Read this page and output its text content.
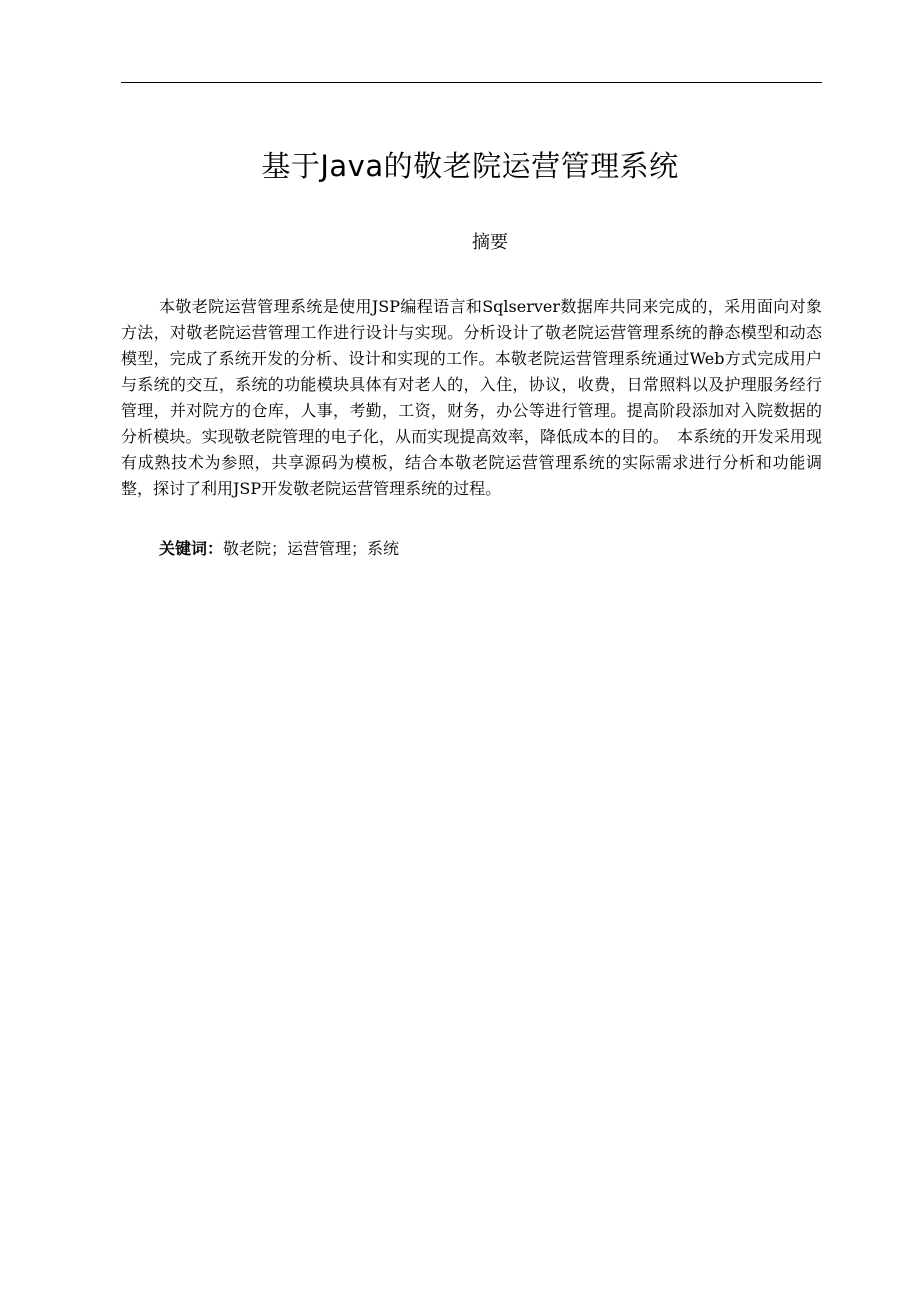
基于Java的敬老院运营管理系统
摘要

本敬老院运营管理系统是使用JSP编程语言和Sqlserver数据库共同来完成的，采用面向对象方法，对敬老院运营管理工作进行设计与实现。分析设计了敬老院运营管理系统的静态模型和动态模型，完成了系统开发的分析、设计和实现的工作。本敬老院运营管理系统通过Web方式完成用户与系统的交互，系统的功能模块具体有对老人的，入住，协议，收费，日常照料以及护理服务经行管理，并对院方的仓库，人事，考勤，工资，财务，办公等进行管理。提高阶段添加对入院数据的分析模块。实现敬老院管理的电子化，从而实现提高效率，降低成本的目的。　本系统的开发采用现有成熟技术为参照，共享源码为模板，结合本敬老院运营管理系统的实际需求进行分析和功能调整，探讨了利用JSP开发敬老院运营管理系统的过程。

关键词：敬老院；运营管理；系统
